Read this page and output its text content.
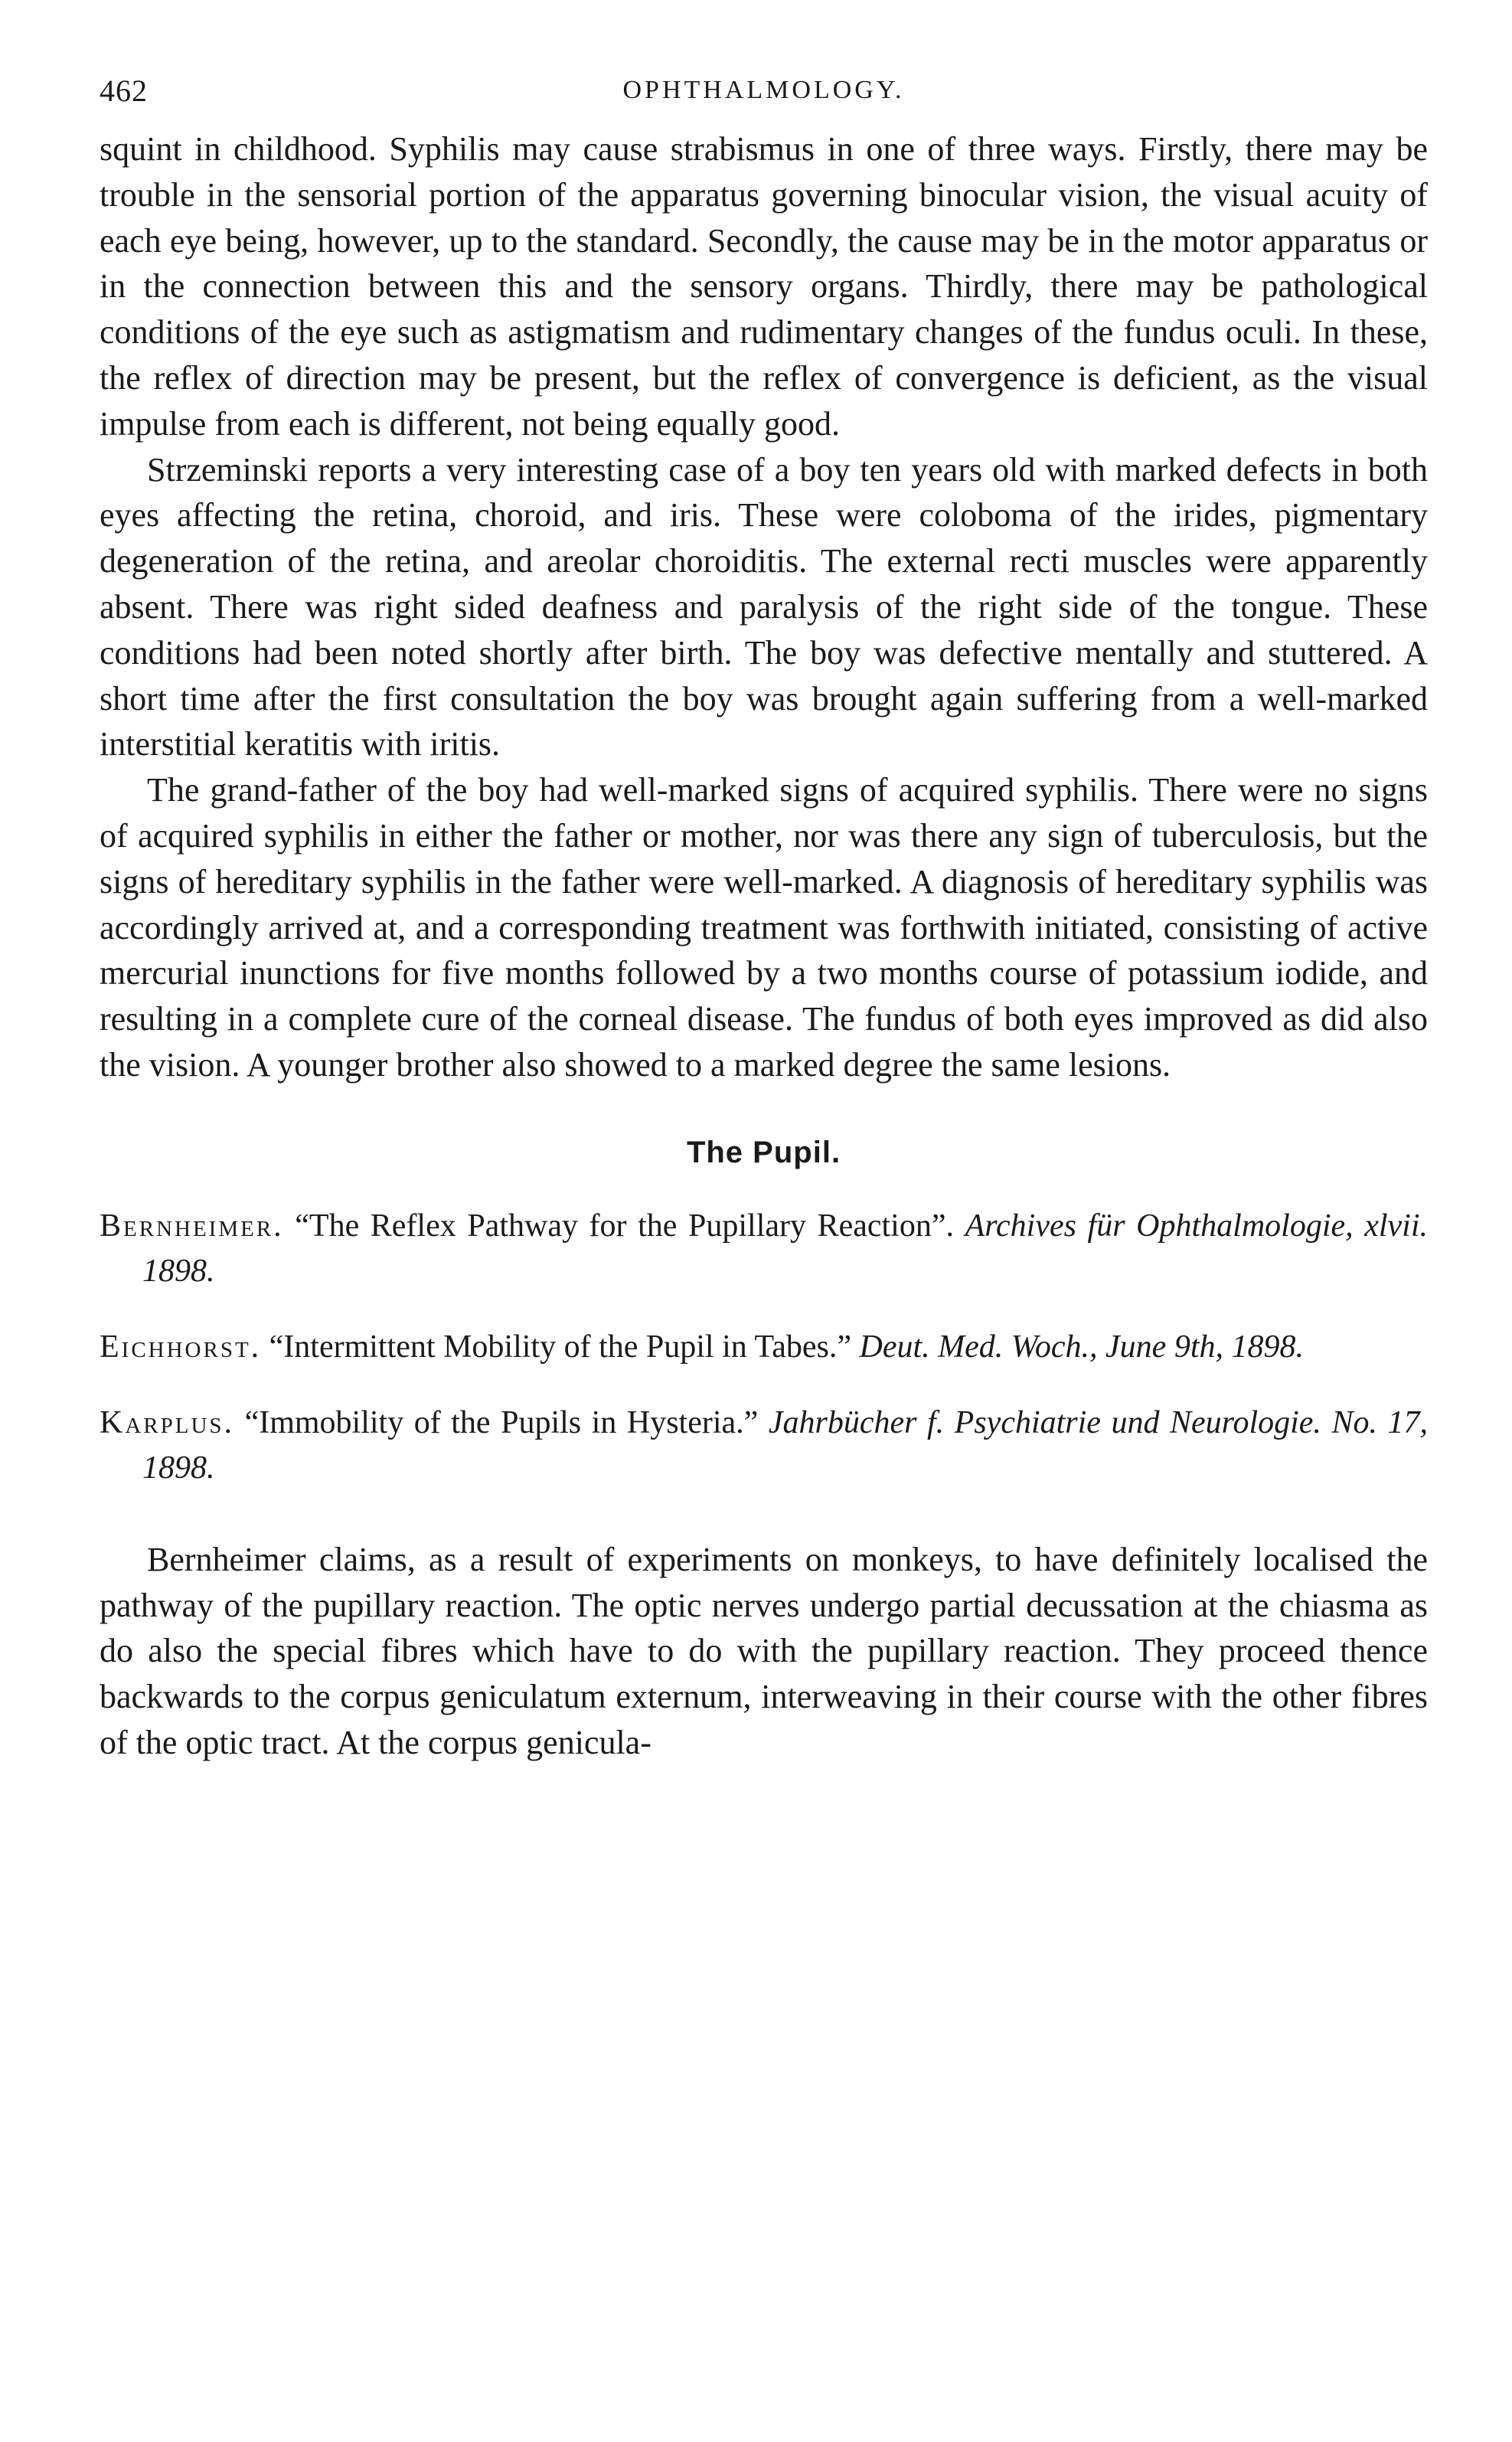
462	OPHTHALMOLOGY.

squint in childhood. Syphilis may cause strabismus in one of three ways. Firstly, there may be trouble in the sensorial portion of the apparatus governing binocular vision, the visual acuity of each eye being, however, up to the standard. Secondly, the cause may be in the motor apparatus or in the connection between this and the sensory organs. Thirdly, there may be pathological conditions of the eye such as astigmatism and rudimentary changes of the fundus oculi. In these, the reflex of direction may be present, but the reflex of convergence is deficient, as the visual impulse from each is different, not being equally good.

Strzeminski reports a very interesting case of a boy ten years old with marked defects in both eyes affecting the retina, choroid, and iris. These were coloboma of the irides, pigmentary degeneration of the retina, and areolar choroiditis. The external recti muscles were apparently absent. There was right sided deafness and paralysis of the right side of the tongue. These conditions had been noted shortly after birth. The boy was defective mentally and stuttered. A short time after the first consultation the boy was brought again suffering from a well-marked interstitial keratitis with iritis.

The grand-father of the boy had well-marked signs of acquired syphilis. There were no signs of acquired syphilis in either the father or mother, nor was there any sign of tuberculosis, but the signs of hereditary syphilis in the father were well-marked. A diagnosis of hereditary syphilis was accordingly arrived at, and a corresponding treatment was forthwith initiated, consisting of active mercurial inunctions for five months followed by a two months course of potassium iodide, and resulting in a complete cure of the corneal disease. The fundus of both eyes improved as did also the vision. A younger brother also showed to a marked degree the same lesions.

The Pupil.

Bernheimer. “The Reflex Pathway for the Pupillary Reaction”. Archives für Ophthalmologie, xlvii. 1898.

Eichhorst. “Intermittent Mobility of the Pupil in Tabes.” Deut. Med. Woch., June 9th, 1898.

Karplus. “Immobility of the Pupils in Hysteria.” Jahrbücher f. Psychiatrie und Neurologie. No. 17, 1898.

Bernheimer claims, as a result of experiments on monkeys, to have definitely localised the pathway of the pupillary reaction. The optic nerves undergo partial decussation at the chiasma as do also the special fibres which have to do with the pupillary reaction. They proceed thence backwards to the corpus geniculatum externum, interweaving in their course with the other fibres of the optic tract. At the corpus genicula-
